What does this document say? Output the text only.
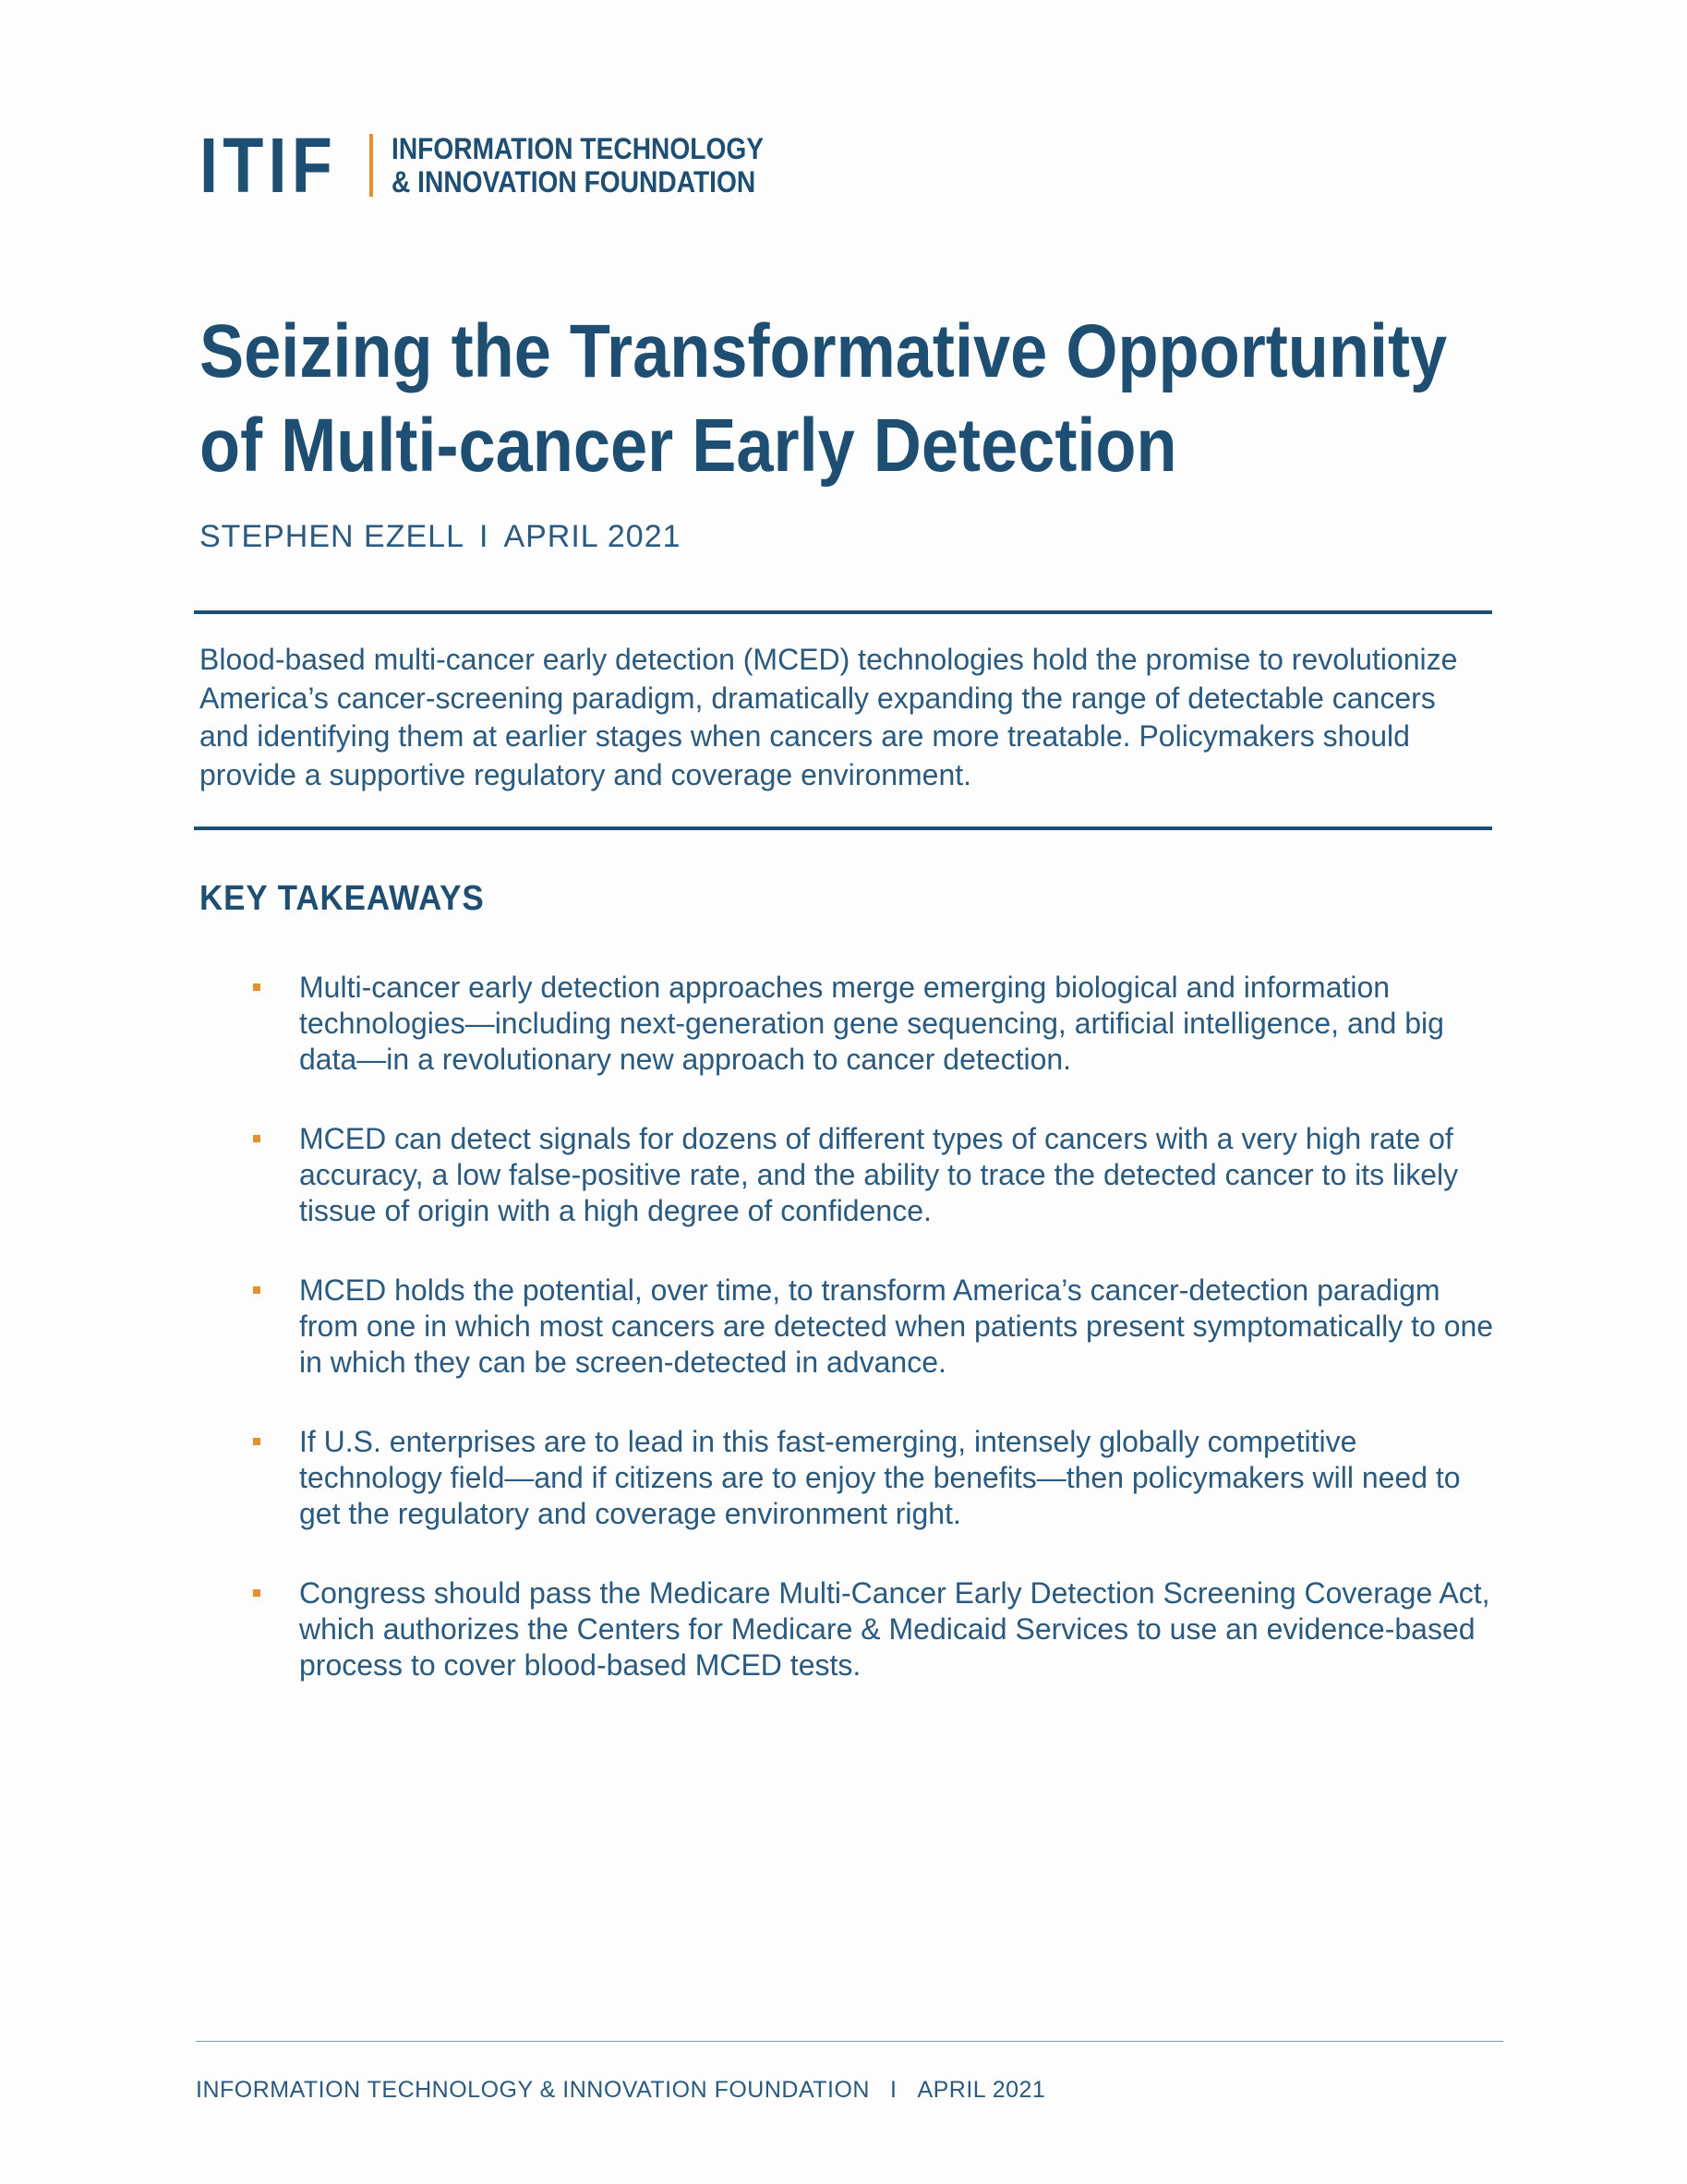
ITIF INFORMATION TECHNOLOGY
& INNOVATION FOUNDATION
Seizing the Transformative Opportunity
of Multi-cancer Early Detection
STEPHEN EZELL I APRIL 2021

Blood-based multi-cancer early detection (MCED) technologies hold the promise to revolutionize America’s cancer-screening paradigm, dramatically expanding the range of detectable cancers and identifying them at earlier stages when cancers are more treatable. Policymakers should provide a supportive regulatory and coverage environment.

KEY TAKEAWAYS
Multi-cancer early detection approaches merge emerging biological and information technologies—including next-generation gene sequencing, artificial intelligence, and big data—in a revolutionary new approach to cancer detection.
MCED can detect signals for dozens of different types of cancers with a very high rate of accuracy, a low false-positive rate, and the ability to trace the detected cancer to its likely tissue of origin with a high degree of confidence.
MCED holds the potential, over time, to transform America’s cancer-detection paradigm from one in which most cancers are detected when patients present symptomatically to one in which they can be screen-detected in advance.
If U.S. enterprises are to lead in this fast-emerging, intensely globally competitive technology field—and if citizens are to enjoy the benefits—then policymakers will need to get the regulatory and coverage environment right.
Congress should pass the Medicare Multi-Cancer Early Detection Screening Coverage Act, which authorizes the Centers for Medicare & Medicaid Services to use an evidence-based process to cover blood-based MCED tests.
INFORMATION TECHNOLOGY & INNOVATION FOUNDATION I APRIL 2021
